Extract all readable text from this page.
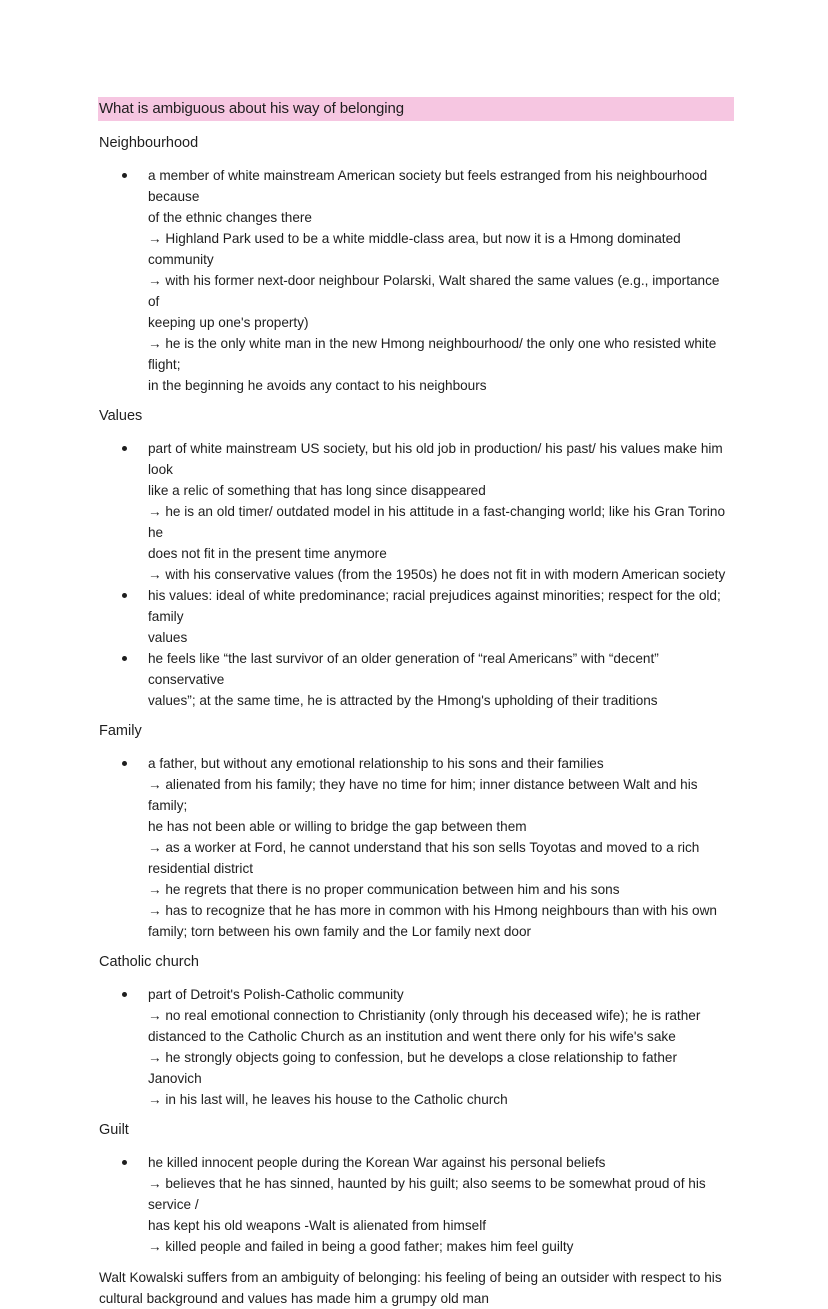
What is ambiguous about his way of belonging
Neighbourhood
a member of white mainstream American society but feels estranged from his neighbourhood because
of the ethnic changes there
→ Highland Park used to be a white middle-class area, but now it is a Hmong dominated community
→ with his former next-door neighbour Polarski, Walt shared the same values (e.g., importance of
keeping up one's property)
→ he is the only white man in the new Hmong neighbourhood/ the only one who resisted white flight;
in the beginning he avoids any contact to his neighbours
Values
part of white mainstream US society, but his old job in production/ his past/ his values make him look
like a relic of something that has long since disappeared
→ he is an old timer/ outdated model in his attitude in a fast-changing world; like his Gran Torino he
does not fit in the present time anymore
→ with his conservative values (from the 1950s) he does not fit in with modern American society
his values: ideal of white predominance; racial prejudices against minorities; respect for the old; family
values
he feels like “the last survivor of an older generation of “real Americans” with “decent” conservative
values”; at the same time, he is attracted by the Hmong's upholding of their traditions
Family
a father, but without any emotional relationship to his sons and their families
→ alienated from his family; they have no time for him; inner distance between Walt and his family;
he has not been able or willing to bridge the gap between them
→ as a worker at Ford, he cannot understand that his son sells Toyotas and moved to a rich
residential district
→ he regrets that there is no proper communication between him and his sons
→ has to recognize that he has more in common with his Hmong neighbours than with his own
family; torn between his own family and the Lor family next door
Catholic church
part of Detroit's Polish-Catholic community
→ no real emotional connection to Christianity (only through his deceased wife); he is rather
distanced to the Catholic Church as an institution and went there only for his wife's sake
→ he strongly objects going to confession, but he develops a close relationship to father Janovich
→ in his last will, he leaves his house to the Catholic church
Guilt
he killed innocent people during the Korean War against his personal beliefs
→ believes that he has sinned, haunted by his guilt; also seems to be somewhat proud of his service /
has kept his old weapons -Walt is alienated from himself
→ killed people and failed in being a good father; makes him feel guilty
Walt Kowalski suffers from an ambiguity of belonging: his feeling of being an outsider with respect to his
cultural background and values has made him a grumpy old man
